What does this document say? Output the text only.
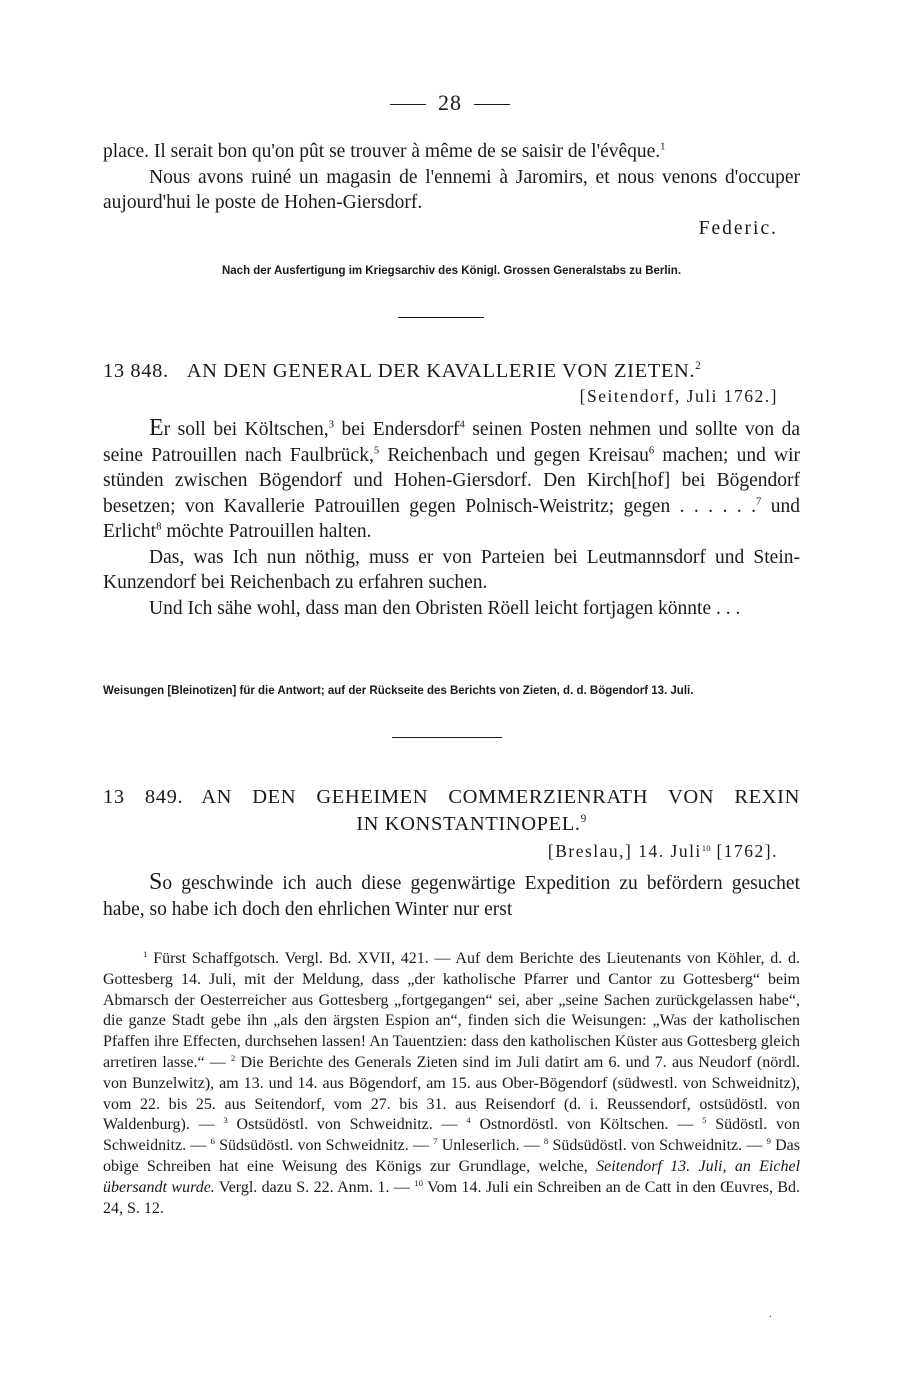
28

place. Il serait bon qu'on pût se trouver à même de se saisir de l'évêque.$^1$

Nous avons ruiné un magasin de l'ennemi à Jaromirs, et nous venons d'occuper aujourd'hui le poste de Hohen-Giersdorf.

Federic.

Nach der Ausfertigung im Kriegsarchiv des Königl. Grossen Generalstabs zu Berlin.
13 848. AN DEN GENERAL DER KAVALLERIE VON ZIETEN.$^2$
[Seitendorf, Juli 1762.]

Er soll bei Költschen,$^3$ bei Endersdorf$^4$ seinen Posten nehmen und sollte von da seine Patrouillen nach Faulbrück,$^5$ Reichenbach und gegen Kreisau$^6$ machen; und wir stünden zwischen Bögendorf und Hohen-Giersdorf. Den Kirch[hof] bei Bögendorf besetzen; von Kavallerie Patrouillen gegen Polnisch-Weistritz; gegen . . . . . .$^7$ und Erlicht$^8$ möchte Patrouillen halten.

Das, was Ich nun nöthig, muss er von Parteien bei Leutmannsdorf und Stein-Kunzendorf bei Reichenbach zu erfahren suchen.

Und Ich sähe wohl, dass man den Obristen Röell leicht fortjagen könnte . . .

Weisungen [Bleinotizen] für die Antwort; auf der Rückseite des Berichts von Zieten, d. d. Bögendorf 13. Juli.
13 849. AN DEN GEHEIMEN COMMERZIENRATH VON REXIN
IN KONSTANTINOPEL.$^9$
[Breslau,] 14. Juli$^{10}$ [1762].

So geschwinde ich auch diese gegenwärtige Expedition zu befördern gesuchet habe, so habe ich doch den ehrlichen Winter nur erst

$^1$ Fürst Schaffgotsch. Vergl. Bd. XVII, 421. — Auf dem Berichte des Lieutenants von Köhler, d. d. Gottesberg 14. Juli, mit der Meldung, dass „der katholische Pfarrer und Cantor zu Gottesberg“ beim Abmarsch der Oesterreicher aus Gottesberg „fortgegangen“ sei, aber „seine Sachen zurückgelassen habe“, die ganze Stadt gebe ihn „als den ärgsten Espion an“, finden sich die Weisungen: „Was der katholischen Pfaffen ihre Effecten, durchsehen lassen! An Tauentzien: dass den katholischen Küster aus Gottesberg gleich arretiren lasse.“ — $^2$ Die Berichte des Generals Zieten sind im Juli datirt am 6. und 7. aus Neudorf (nördl. von Bunzelwitz), am 13. und 14. aus Bögendorf, am 15. aus Ober-Bögendorf (südwestl. von Schweidnitz), vom 22. bis 25. aus Seitendorf, vom 27. bis 31. aus Reisendorf (d. i. Reussendorf, ostsüdöstl. von Waldenburg). — $^3$ Ostsüdöstl. von Schweidnitz. — $^4$ Ostnordöstl. von Költschen. — $^5$ Südöstl. von Schweidnitz. — $^6$ Südsüdöstl. von Schweidnitz. — $^7$ Unleserlich. — $^8$ Südsüdöstl. von Schweidnitz. — $^9$ Das obige Schreiben hat eine Weisung des Königs zur Grundlage, welche, Seitendorf 13. Juli, an Eichel übersandt wurde. Vergl. dazu S. 22. Anm. 1. — $^{10}$ Vom 14. Juli ein Schreiben an de Catt in den Œuvres, Bd. 24, S. 12.

·
